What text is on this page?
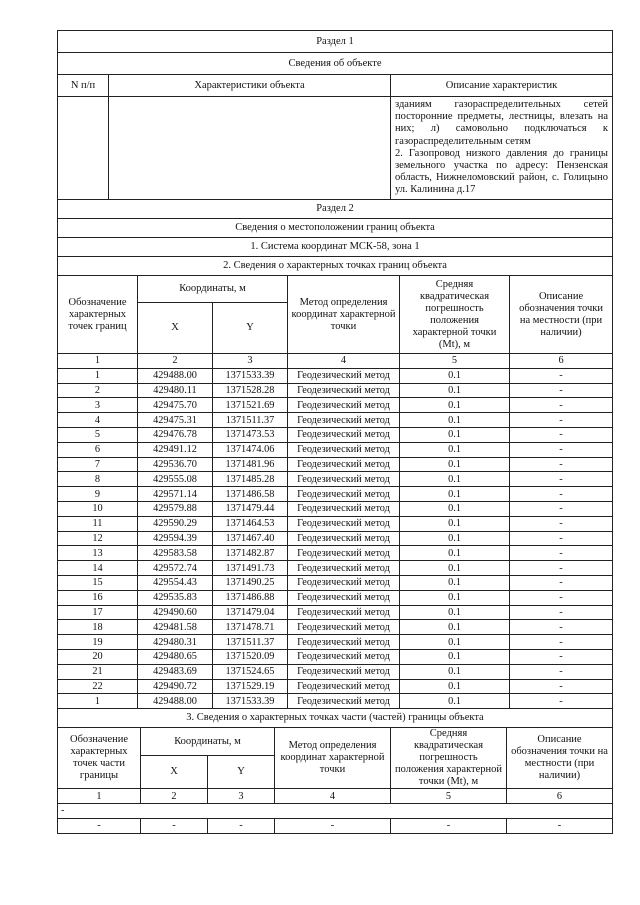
Раздел 1		
Сведения об объекте		
N п/п	Характеристики объекта	Описание характеристик

		зданиям газораспределительных сетей посторонние предметы, лестницы, влезать на них; л) самовольно подключаться к газораспределительным сетям

2. Газопровод низкого давления до границы земельного участка по адресу: Пензенская область, Нижнеломовский район, с. Голицыно ул. Калинина д.17

Раздел 2					
Сведения о местоположении границ объекта					
1. Система координат МСК-58, зона 1					
2. Сведения о характерных точках границ объекта					
Обозначение характерных точек границ	Координаты, м		Метод определения координат характерной точки	Средняя квадратическая погрешность положения характерной точки (Mt), м	Описание обозначения точки на местности (при наличии)
	X	Y			
1	2	3	4	5	6
1	429488.00	1371533.39	Геодезический метод	0.1	-
2	429480.11	1371528.28	Геодезический метод	0.1	-
3	429475.70	1371521.69	Геодезический метод	0.1	-
4	429475.31	1371511.37	Геодезический метод	0.1	-
5	429476.78	1371473.53	Геодезический метод	0.1	-
6	429491.12	1371474.06	Геодезический метод	0.1	-
7	429536.70	1371481.96	Геодезический метод	0.1	-
8	429555.08	1371485.28	Геодезический метод	0.1	-
9	429571.14	1371486.58	Геодезический метод	0.1	-
10	429579.88	1371479.44	Геодезический метод	0.1	-
11	429590.29	1371464.53	Геодезический метод	0.1	-
12	429594.39	1371467.40	Геодезический метод	0.1	-
13	429583.58	1371482.87	Геодезический метод	0.1	-
14	429572.74	1371491.73	Геодезический метод	0.1	-
15	429554.43	1371490.25	Геодезический метод	0.1	-
16	429535.83	1371486.88	Геодезический метод	0.1	-
17	429490.60	1371479.04	Геодезический метод	0.1	-
18	429481.58	1371478.71	Геодезический метод	0.1	-
19	429480.31	1371511.37	Геодезический метод	0.1	-
20	429480.65	1371520.09	Геодезический метод	0.1	-
21	429483.69	1371524.65	Геодезический метод	0.1	-
22	429490.72	1371529.19	Геодезический метод	0.1	-
1	429488.00	1371533.39	Геодезический метод	0.1	-
3. Сведения о характерных точках части (частей) границы объекта					
Обозначение характерных точек части границы	Координаты, м		Метод определения координат характерной точки	Средняя квадратическая погрешность положения характерной точки (Mt), м	Описание обозначения точки на местности (при наличии)
	X	Y			
1	2	3	4	5	6
-					
-	-	-	-	-	-
